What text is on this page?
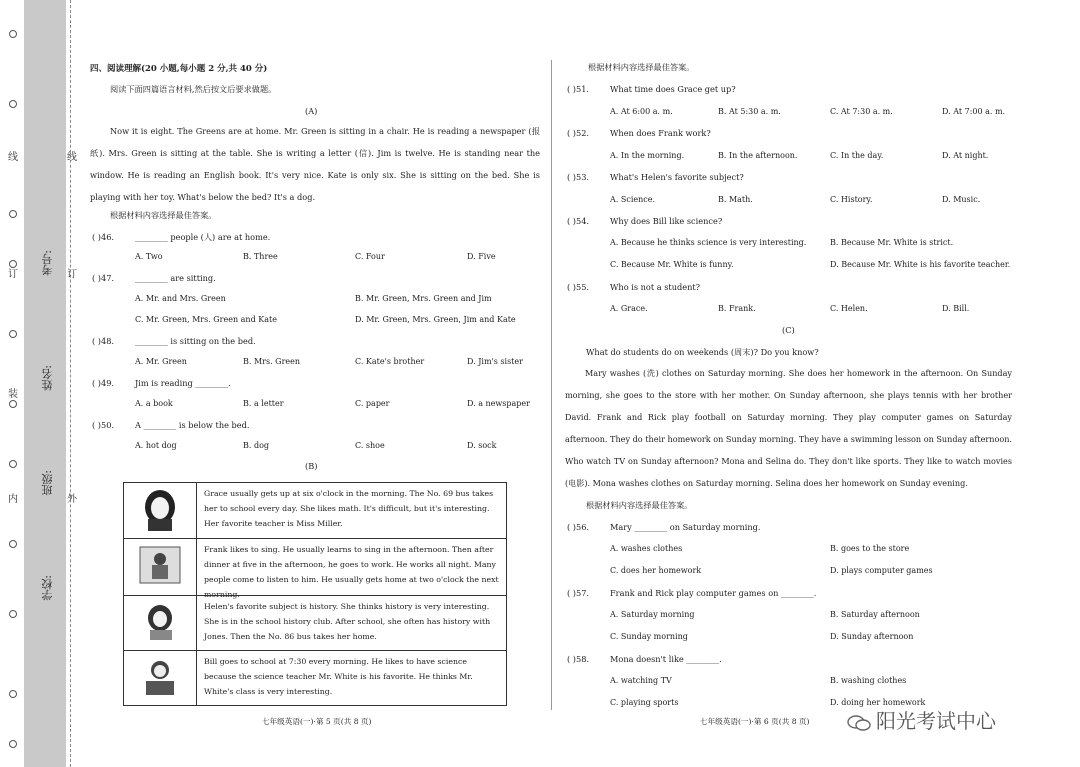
考号:
姓名:
班级:
学校:
线
订
装
内	外
线
订
四、阅读理解(20 小题,每小题 2 分,共 40 分)
阅读下面四篇语言材料,然后按文后要求做题。
(A)
Now it is eight. The Greens are at home. Mr. Green is sitting in a chair. He is reading a newspaper (报纸). Mrs. Green is sitting at the table. She is writing a letter (信). Jim is twelve. He is standing near the window. He is reading an English book. It's very nice. Kate is only six. She is sitting on the bed. She is playing with her toy. What's below the bed? It's a dog.
根据材料内容选择最佳答案。
( )46.	________ people (人) are at home.
A. Two	B. Three	C. Four	D. Five
( )47.	________ are sitting.
A. Mr. and Mrs. Green	B. Mr. Green, Mrs. Green and Jim
C. Mr. Green, Mrs. Green and Kate	D. Mr. Green, Mrs. Green, Jim and Kate
( )48.	________ is sitting on the bed.
A. Mr. Green	B. Mrs. Green	C. Kate's brother	D. Jim's sister
( )49.	Jim is reading ________.
A. a book	B. a letter	C. paper	D. a newspaper
( )50.	A ________ is below the bed.
A. hot dog	B. dog	C. shoe	D. sock
(B)
Grace usually gets up at six o'clock in the morning. The No. 69 bus takes her to school every day. She likes math. It's difficult, but it's interesting. Her favorite teacher is Miss Miller.
Frank likes to sing. He usually learns to sing in the afternoon. Then after dinner at five in the afternoon, he goes to work. He works all night. Many people come to listen to him. He usually gets home at two o'clock the next morning.
Helen's favorite subject is history. She thinks history is very interesting. She is in the school history club. After school, she often has history with Jones. Then the No. 86 bus takes her home.
Bill goes to school at 7:30 every morning. He likes to have science because the science teacher Mr. White is his favorite. He thinks Mr. White's class is very interesting.
七年级英语(一)·第 5 页(共 8 页)
根据材料内容选择最佳答案。
( )51.	What time does Grace get up?
A. At 6:00 a. m.	B. At 5:30 a. m.	C. At 7:30 a. m.	D. At 7:00 a. m.
( )52.	When does Frank work?
A. In the morning.	B. In the afternoon.	C. In the day.	D. At night.
( )53.	What's Helen's favorite subject?
A. Science.	B. Math.	C. History.	D. Music.
( )54.	Why does Bill like science?
A. Because he thinks science is very interesting.	B. Because Mr. White is strict.
C. Because Mr. White is funny.	D. Because Mr. White is his favorite teacher.
( )55.	Who is not a student?
A. Grace.	B. Frank.	C. Helen.	D. Bill.
(C)
What do students do on weekends (周末)? Do you know?
Mary washes (洗) clothes on Saturday morning. She does her homework in the afternoon. On Sunday morning, she goes to the store with her mother. On Sunday afternoon, she plays tennis with her brother David. Frank and Rick play football on Saturday morning. They play computer games on Saturday afternoon. They do their homework on Sunday morning. They have a swimming lesson on Sunday afternoon. Who watch TV on Sunday afternoon? Mona and Selina do. They don't like sports. They like to watch movies (电影). Mona washes clothes on Saturday morning. Selina does her homework on Sunday evening.
根据材料内容选择最佳答案。
( )56.	Mary ________ on Saturday morning.
A. washes clothes	B. goes to the store
C. does her homework	D. plays computer games
( )57.	Frank and Rick play computer games on ________.
A. Saturday morning	B. Saturday afternoon
C. Sunday morning	D. Sunday afternoon
( )58.	Mona doesn't like ________.
A. watching TV	B. washing clothes
C. playing sports	D. doing her homework
七年级英语(一)·第 6 页(共 8 页)	阳光考试中心
